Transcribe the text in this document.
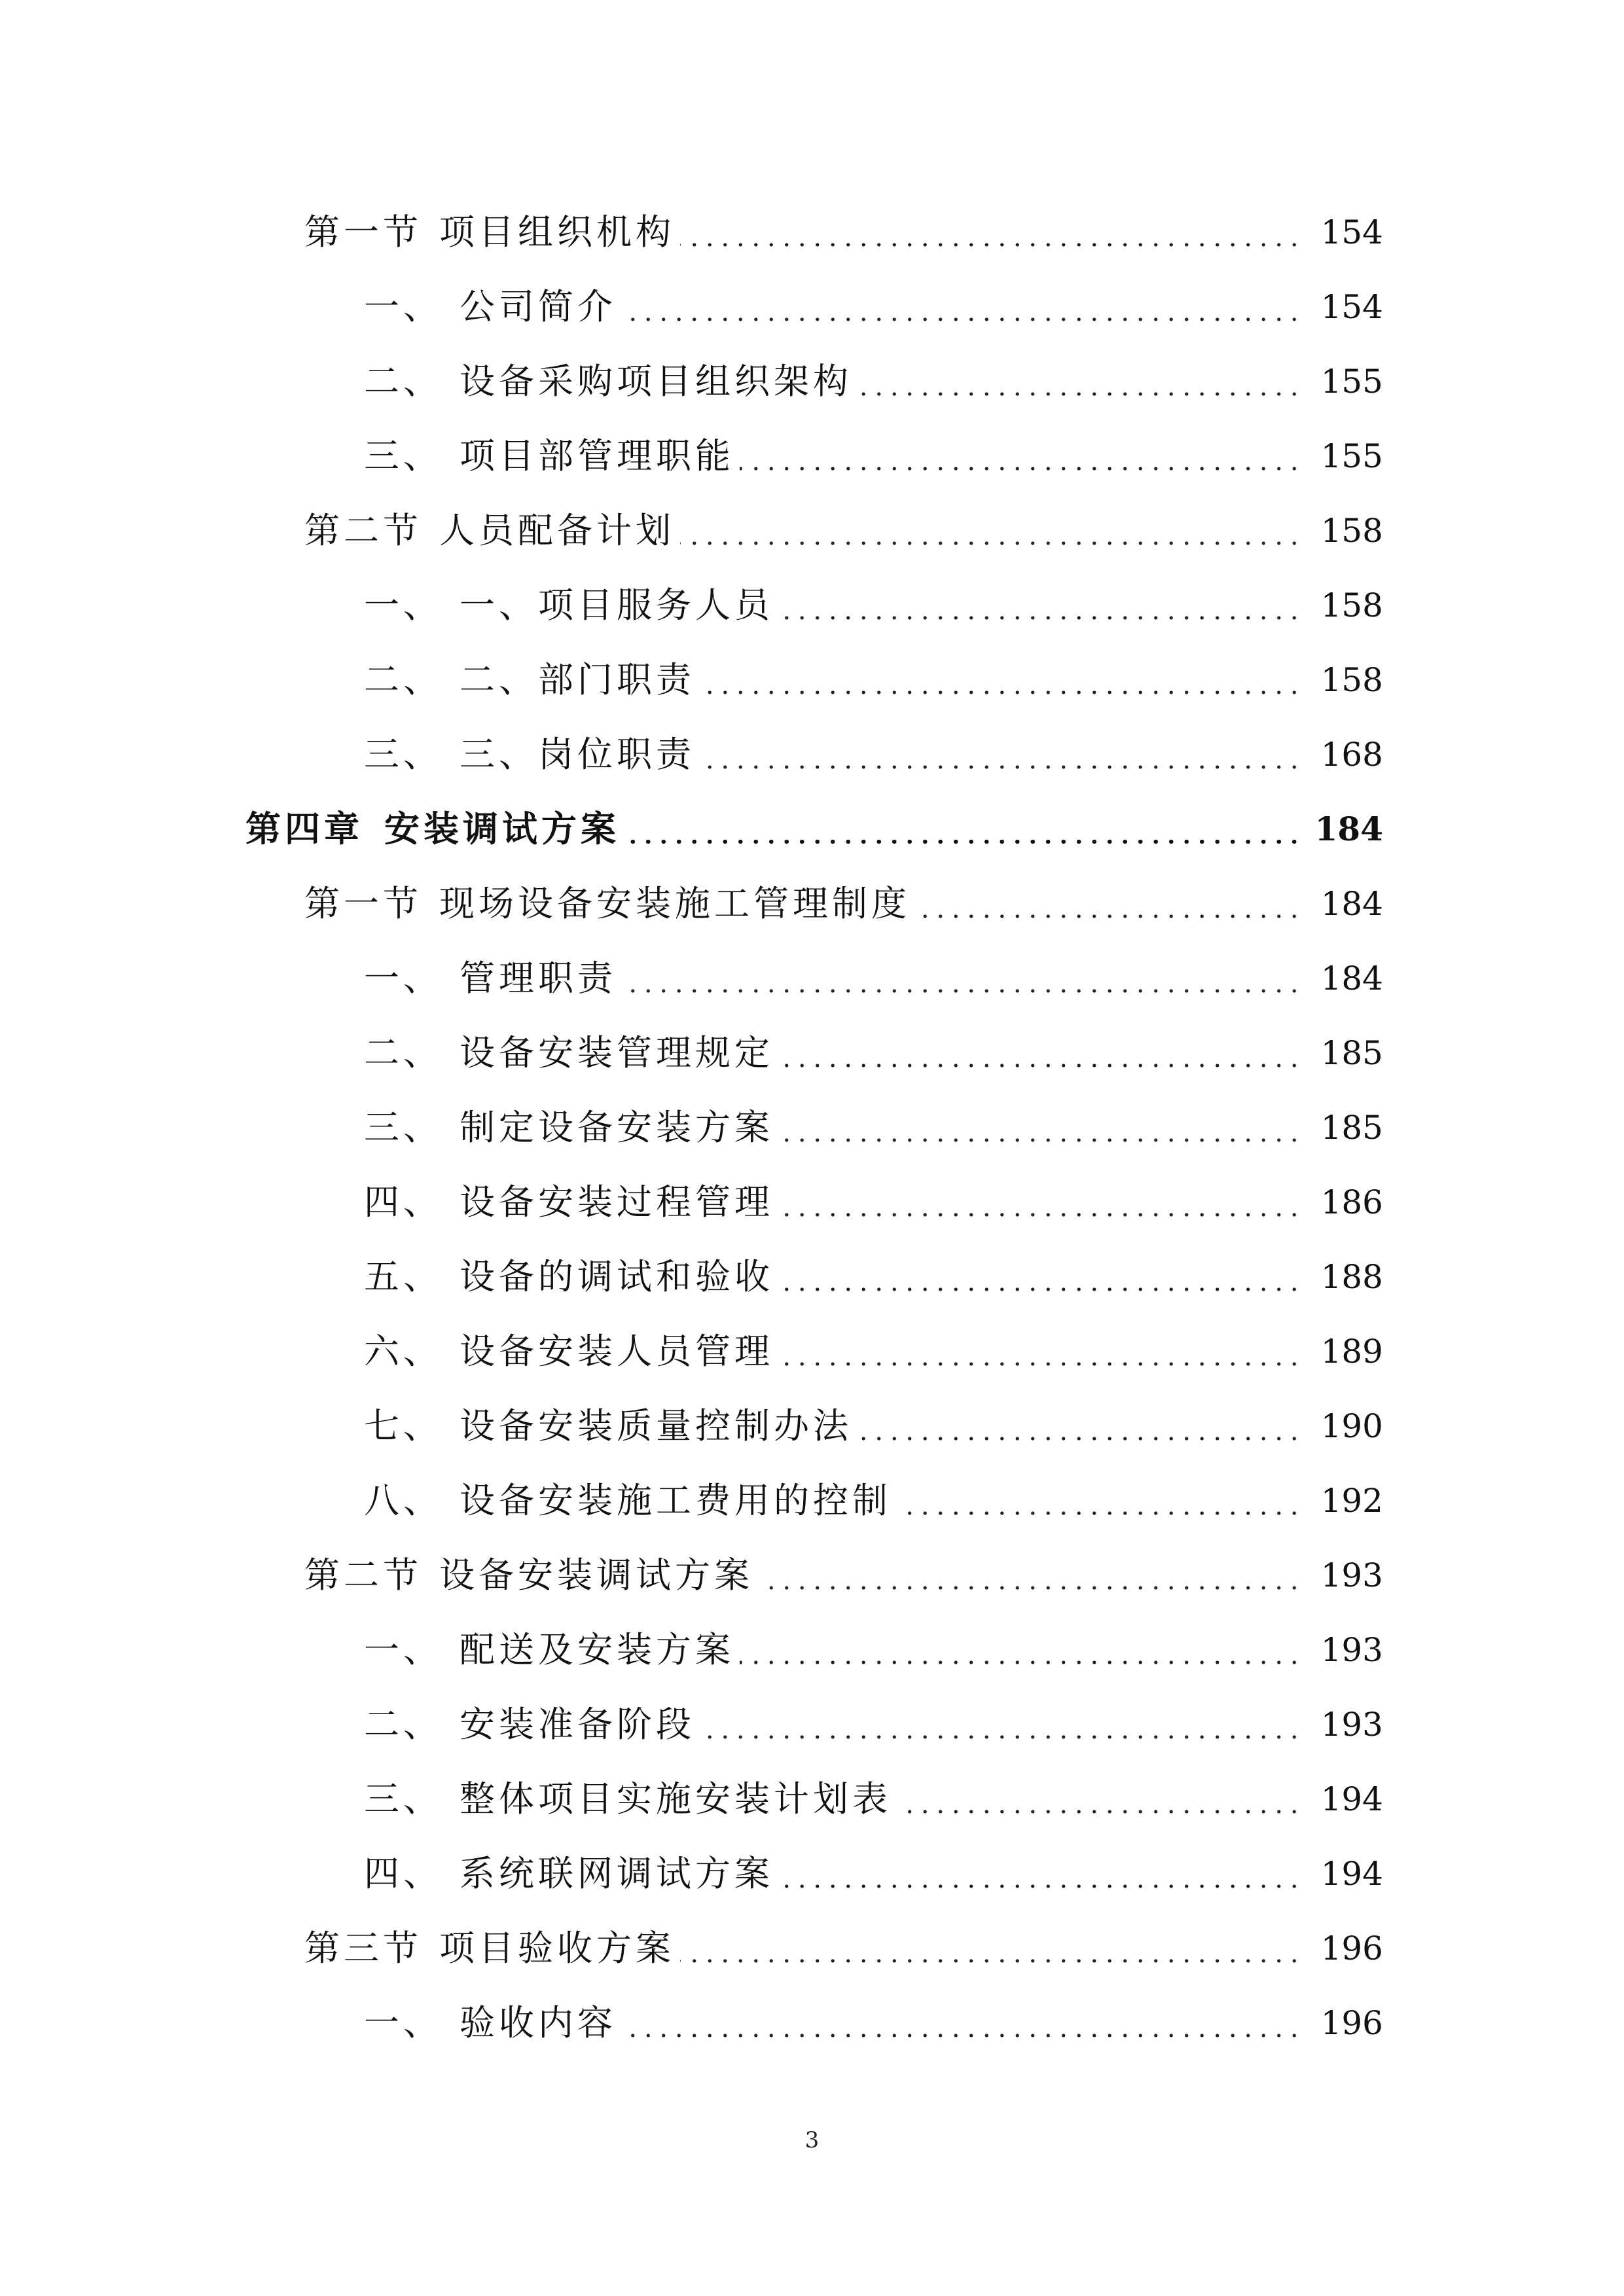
第一节 项目组织机构	154
一、 公司简介	154
二、 设备采购项目组织架构	155
三、 项目部管理职能	155
第二节 人员配备计划	158
一、 一、项目服务人员	158
二、 二、部门职责	158
三、 三、岗位职责	168
第四章 安装调试方案	184
第一节 现场设备安装施工管理制度	184
一、 管理职责	184
二、 设备安装管理规定	185
三、 制定设备安装方案	185
四、 设备安装过程管理	186
五、 设备的调试和验收	188
六、 设备安装人员管理	189
七、 设备安装质量控制办法	190
八、 设备安装施工费用的控制	192
第二节 设备安装调试方案	193
一、 配送及安装方案	193
二、 安装准备阶段	193
三、 整体项目实施安装计划表	194
四、 系统联网调试方案	194
第三节 项目验收方案	196
一、 验收内容	196
3
